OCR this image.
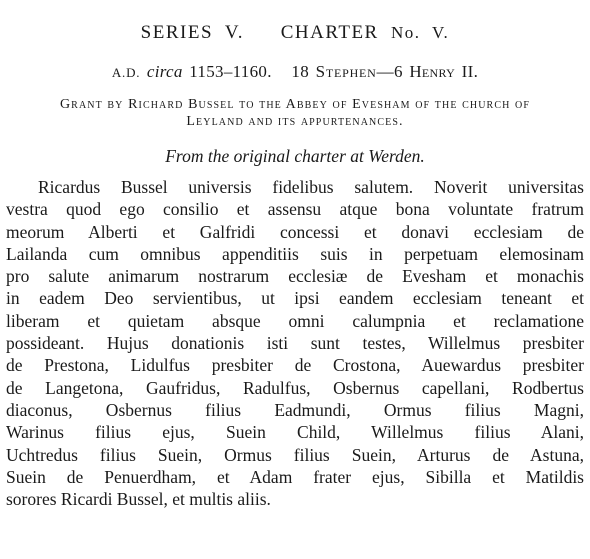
SERIES V. CHARTER No. V.
A.D. circa 1153–1160. 18 Stephen—6 Henry II.
Grant by Richard Bussel to the Abbey of Evesham of the church of
Leyland and its appurtenances.
From the original charter at Werden.
Ricardus Bussel universis fidelibus salutem. Noverit universitas
vestra quod ego consilio et assensu atque bona voluntate fratrum
meorum Alberti et Galfridi concessi et donavi ecclesiam de
Lailanda cum omnibus appenditiis suis in perpetuam elemosinam
pro salute animarum nostrarum ecclesiæ de Evesham et monachis
in eadem Deo servientibus, ut ipsi eandem ecclesiam teneant et
liberam et quietam absque omni calumpnia et reclamatione
possideant. Hujus donationis isti sunt testes, Willelmus presbiter
de Prestona, Lidulfus presbiter de Crostona, Auewardus presbiter
de Langetona, Gaufridus, Radulfus, Osbernus capellani, Rodbertus
diaconus, Osbernus filius Eadmundi, Ormus filius Magni,
Warinus filius ejus, Suein Child, Willelmus filius Alani,
Uchtredus filius Suein, Ormus filius Suein, Arturus de Astuna,
Suein de Penuerdham, et Adam frater ejus, Sibilla et Matildis
sorores Ricardi Bussel, et multis aliis.
